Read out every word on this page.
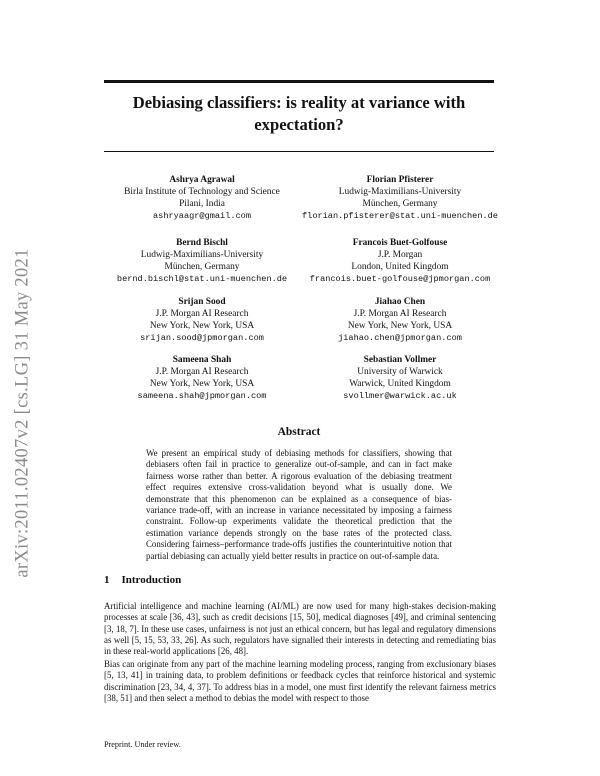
arXiv:2011.02407v2 [cs.LG] 31 May 2021
Debiasing classifiers: is reality at variance with expectation?
Ashrya Agrawal
Birla Institute of Technology and Science
Pilani, India
ashryaagr@gmail.com
Florian Pfisterer
Ludwig-Maximilians-University
München, Germany
florian.pfisterer@stat.uni-muenchen.de
Bernd Bischl
Ludwig-Maximilians-University
München, Germany
bernd.bischl@stat.uni-muenchen.de
Francois Buet-Golfouse
J.P. Morgan
London, United Kingdom
francois.buet-golfouse@jpmorgan.com
Srijan Sood
J.P. Morgan AI Research
New York, New York, USA
srijan.sood@jpmorgan.com
Jiahao Chen
J.P. Morgan AI Research
New York, New York, USA
jiahao.chen@jpmorgan.com
Sameena Shah
J.P. Morgan AI Research
New York, New York, USA
sameena.shah@jpmorgan.com
Sebastian Vollmer
University of Warwick
Warwick, United Kingdom
svollmer@warwick.ac.uk
Abstract

We present an empirical study of debiasing methods for classifiers, showing that debiasers often fail in practice to generalize out-of-sample, and can in fact make fairness worse rather than better. A rigorous evaluation of the debiasing treatment effect requires extensive cross-validation beyond what is usually done. We demonstrate that this phenomenon can be explained as a consequence of bias-variance trade-off, with an increase in variance necessitated by imposing a fairness constraint. Follow-up experiments validate the theoretical prediction that the estimation variance depends strongly on the base rates of the protected class. Considering fairness–performance trade-offs justifies the counterintuitive notion that partial debiasing can actually yield better results in practice on out-of-sample data.

1 Introduction

Artificial intelligence and machine learning (AI/ML) are now used for many high-stakes decision-making processes at scale [36, 43], such as credit decisions [15, 50], medical diagnoses [49], and criminal sentencing [3, 18, 7]. In these use cases, unfairness is not just an ethical concern, but has legal and regulatory dimensions as well [5, 15, 53, 33, 26]. As such, regulators have signalled their interests in detecting and remediating bias in these real-world applications [26, 48].

Bias can originate from any part of the machine learning modeling process, ranging from exclusionary biases [5, 13, 41] in training data, to problem definitions or feedback cycles that reinforce historical and systemic discrimination [23, 34, 4, 37]. To address bias in a model, one must first identify the relevant fairness metrics [38, 51] and then select a method to debias the model with respect to those

Preprint. Under review.
